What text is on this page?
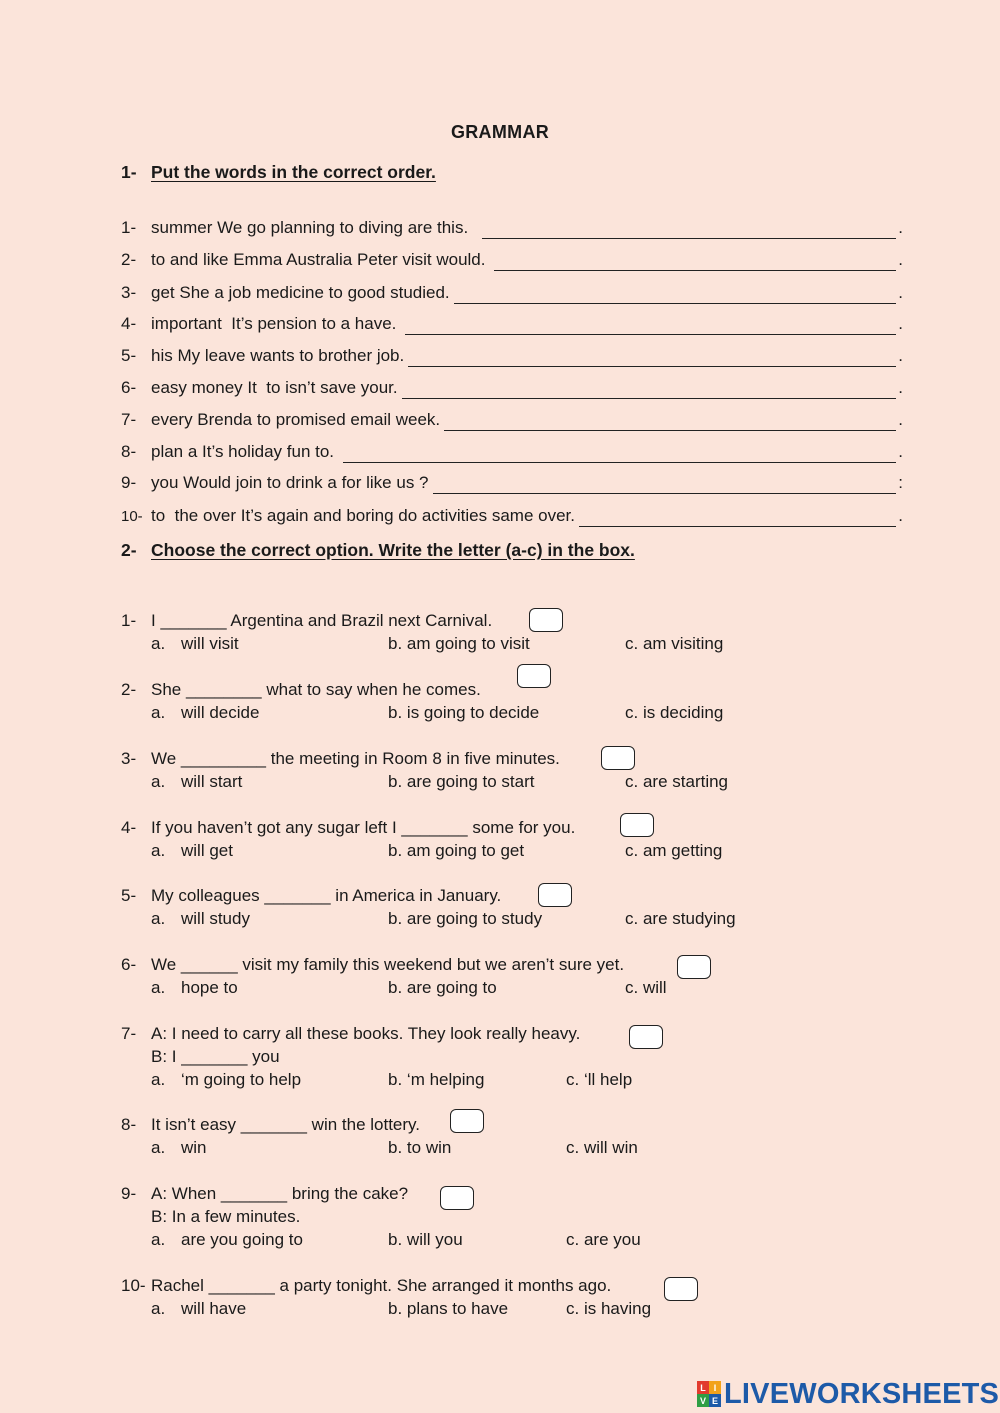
GRAMMAR
1- Put the words in the correct order.
1- summer We go planning to diving are this.	.
2- to and like Emma Australia Peter visit would.	.
3- get She a job medicine to good studied.	.
4- important  It’s pension to a have.	.
5- his My leave wants to brother job.	.
6- easy money It  to isn’t save your.	.
7- every Brenda to promised email week.	.
8- plan a It’s holiday fun to.	.
9- you Would join to drink a for like us ?	:
10- to  the over It’s again and boring do activities same over.	.
2- Choose the correct option. Write the letter (a-c) in the box.
1- I _______ Argentina and Brazil next Carnival.
a. will visit	b. am going to visit	c. am visiting
2- She ________ what to say when he comes.
a. will decide	b. is going to decide	c. is deciding
3- We _________ the meeting in Room 8 in five minutes.
a. will start	b. are going to start	c. are starting
4- If you haven’t got any sugar left I _______ some for you.
a. will get	b. am going to get	c. am getting
5- My colleagues _______ in America in January.
a. will study	b. are going to study	c. are studying
6- We ______ visit my family this weekend but we aren’t sure yet.
a. hope to	b. are going to	c. will
7- A: I need to carry all these books. They look really heavy.
B: I _______ you
a. ‘m going to help	b. ‘m helping	c. ‘ll help
8- It isn’t easy _______ win the lottery.
a. win	b. to win	c. will win
9- A: When _______ bring the cake?
B: In a few minutes.
a. are you going to	b. will you	c. are you
10- Rachel _______ a party tonight. She arranged it months ago.
a. will have	b. plans to have	c. is having
L I
V E LIVEWORKSHEETS
